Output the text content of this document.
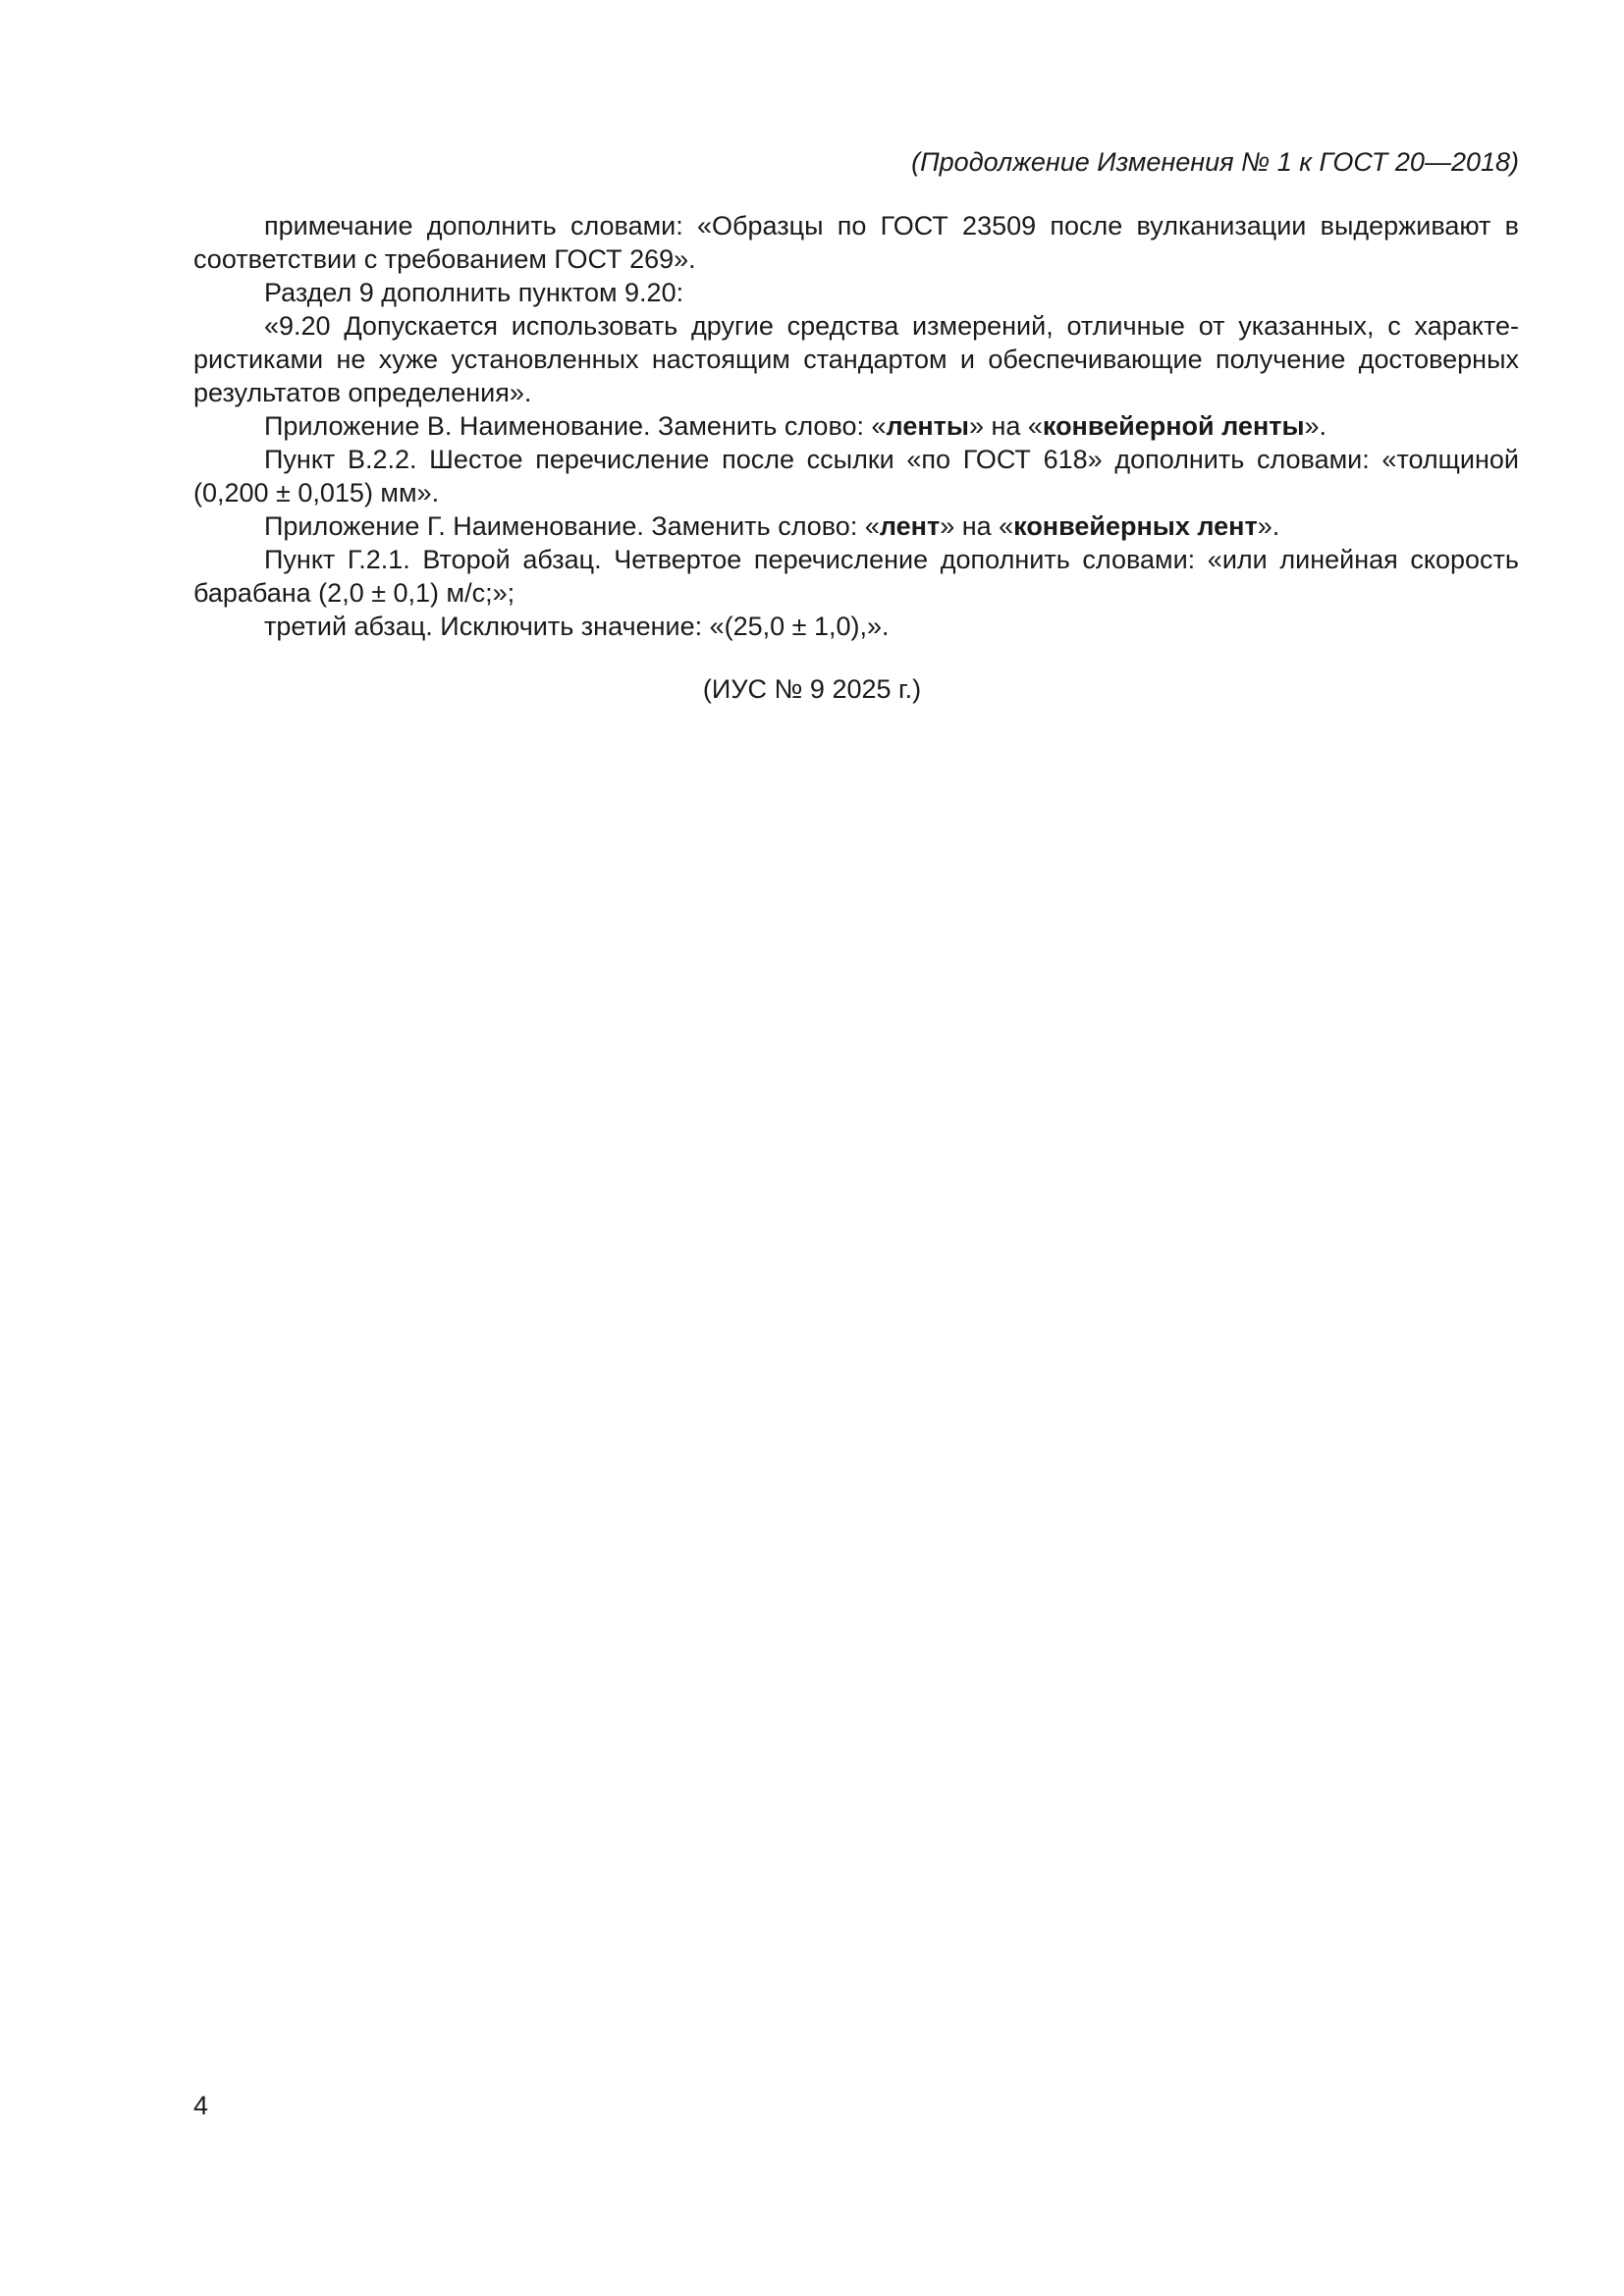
(Продолжение Изменения № 1 к ГОСТ 20—2018)

примечание дополнить словами: «Образцы по ГОСТ 23509 после вулканизации выдерживают в соответствии с требованием ГОСТ 269».

Раздел 9 дополнить пунктом 9.20:

«9.20 Допускается использовать другие средства измерений, отличные от указанных, с характеристиками не хуже установленных настоящим стандартом и обеспечивающие получение достоверных результатов определения».

Приложение В. Наименование. Заменить слово: «ленты» на «конвейерной ленты».

Пункт В.2.2. Шестое перечисление после ссылки «по ГОСТ 618» дополнить словами: «толщиной (0,200 ± 0,015) мм».

Приложение Г. Наименование. Заменить слово: «лент» на «конвейерных лент».

Пункт Г.2.1. Второй абзац. Четвертое перечисление дополнить словами: «или линейная скорость барабана (2,0 ± 0,1) м/с;»;

третий абзац. Исключить значение: «(25,0 ± 1,0),».

(ИУС № 9 2025 г.)
4
